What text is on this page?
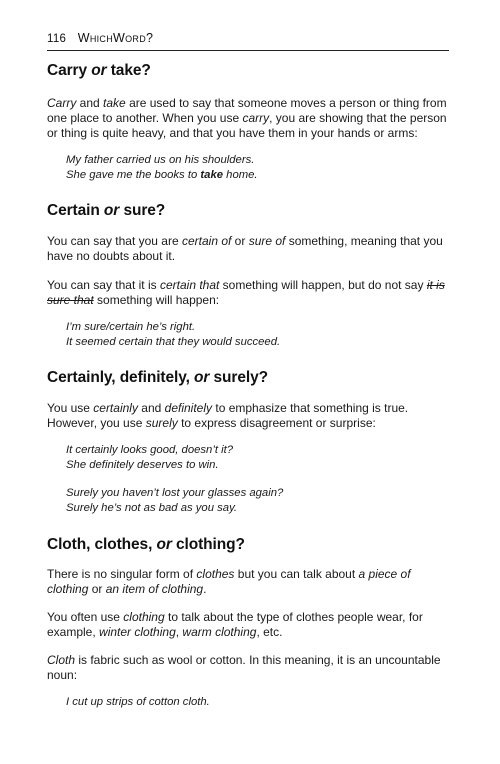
116 WhichWord?
Carry or take?

Carry and take are used to say that someone moves a person or thing from one place to another. When you use carry, you are showing that the person or thing is quite heavy, and that you have them in your hands or arms:

My father carried us on his shoulders.

She gave me the books to take home.

Certain or sure?

You can say that you are certain of or sure of something, meaning that you have no doubts about it.

You can say that it is certain that something will happen, but do not say it is sure that something will happen:

I’m sure/certain he’s right.

It seemed certain that they would succeed.

Certainly, definitely, or surely?

You use certainly and definitely to emphasize that something is true. However, you use surely to express disagreement or surprise:

It certainly looks good, doesn’t it?

She definitely deserves to win.

Surely you haven’t lost your glasses again?

Surely he’s not as bad as you say.

Cloth, clothes, or clothing?

There is no singular form of clothes but you can talk about a piece of clothing or an item of clothing.

You often use clothing to talk about the type of clothes people wear, for example, winter clothing, warm clothing, etc.

Cloth is fabric such as wool or cotton. In this meaning, it is an uncountable noun:

I cut up strips of cotton cloth.
